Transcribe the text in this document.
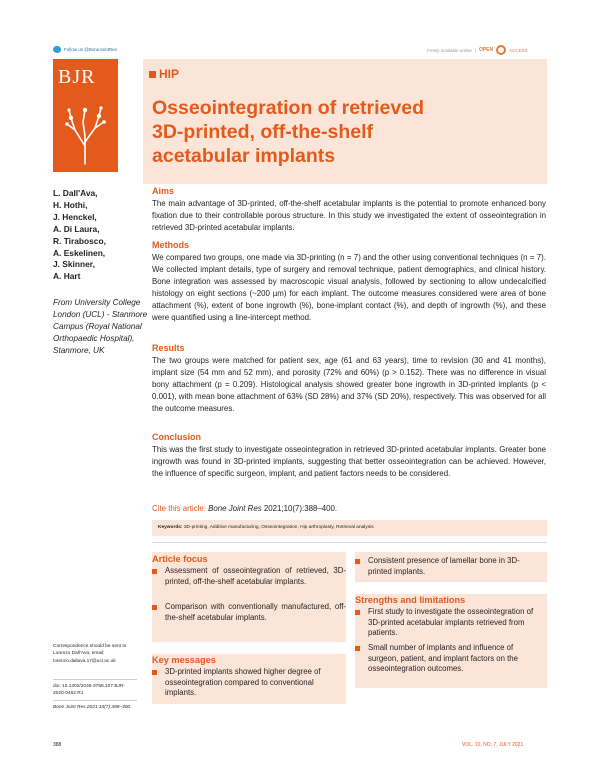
Follow us @BoneJointRes	Freely available online | OPEN	ACCESS
BJR	HIP
Osseointegration of retrieved
3D-printed, off-the-shelf
acetabular implants
L. Dall'Ava,
H. Hothi,
J. Henckel,
A. Di Laura,
R. Tirabosco,
A. Eskelinen,
J. Skinner,
A. Hart
From University College London (UCL) - Stanmore Campus (Royal National Orthopaedic Hospital), Stanmore, UK
Aims
The main advantage of 3D-printed, off-the-shelf acetabular implants is the potential to promote enhanced bony fixation due to their controllable porous structure. In this study we investigated the extent of osseointegration in retrieved 3D-printed acetabular implants.
Methods
We compared two groups, one made via 3D-printing (n = 7) and the other using conventional techniques (n = 7). We collected implant details, type of surgery and removal technique, patient demographics, and clinical history. Bone integration was assessed by macroscopic visual analysis, followed by sectioning to allow undecalcified histology on eight sections (~200 µm) for each implant. The outcome measures considered were area of bone attachment (%), extent of bone ingrowth (%), bone-implant contact (%), and depth of ingrowth (%), and these were quantified using a line-intercept method.
Results
The two groups were matched for patient sex, age (61 and 63 years), time to revision (30 and 41 months), implant size (54 mm and 52 mm), and porosity (72% and 60%) (p > 0.152). There was no difference in visual bony attachment (p = 0.209). Histological analysis showed greater bone ingrowth in 3D-printed implants (p < 0.001), with mean bone attachment of 63% (SD 28%) and 37% (SD 20%), respectively. This was observed for all the outcome measures.
Conclusion
This was the first study to investigate osseointegration in retrieved 3D-printed acetabular implants. Greater bone ingrowth was found in 3D-printed implants, suggesting that better osseointegration can be achieved. However, the influence of specific surgeon, implant, and patient factors needs to be considered.
Cite this article: Bone Joint Res 2021;10(7):388–400.
Keywords: 3D-printing, Additive manufacturing, Osseointegration, Hip arthroplasty, Retrieval analysis
Article focus
Assessment of osseointegration of retrieved, 3D-printed, off-the-shelf acetabular implants.
Comparison with conventionally manufactured, off-the-shelf acetabular implants.
Key messages
3D-printed implants showed higher degree of osseointegration compared to conventional implants.
Consistent presence of lamellar bone in 3D-printed implants.
Strengths and limitations
First study to investigate the osseointegration of 3D-printed acetabular implants retrieved from patients.
Small number of implants and influence of surgeon, patient, and implant factors on the osseointegration outcomes.
Correspondence should be sent to Lorenzo Dall'Ava; email: lorenzo.dallava.17@ucl.ac.uk
doi: 10.1302/2046-3758.107.BJR-2020-0462.R1
Bone Joint Res 2021;10(7):388–400.
388	VOL. 10, NO. 7, JULY 2021
